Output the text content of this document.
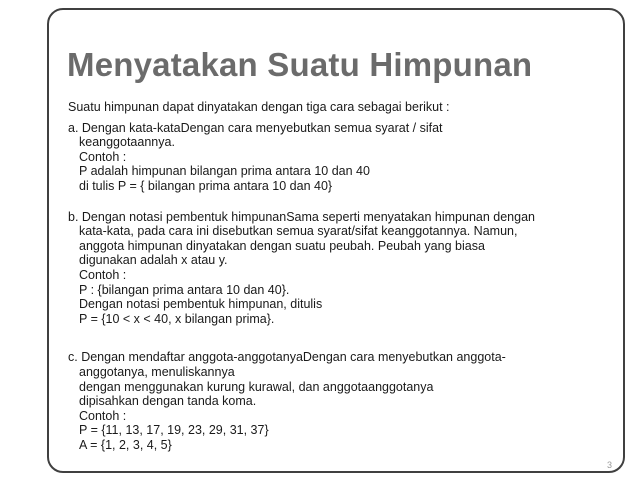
Menyatakan Suatu Himpunan

Suatu himpunan dapat dinyatakan dengan tiga cara sebagai berikut :

a. Dengan kata-kataDengan cara menyebutkan semua syarat / sifat

keanggotaannya.

Contoh :

P adalah himpunan bilangan prima antara 10 dan 40

di tulis P = { bilangan prima antara 10 dan 40}

b. Dengan notasi pembentuk himpunanSama seperti menyatakan himpunan dengan

kata-kata, pada cara ini disebutkan semua syarat/sifat keanggotannya. Namun,

anggota himpunan dinyatakan dengan suatu peubah. Peubah yang biasa

digunakan adalah x atau y.

Contoh :

P : {bilangan prima antara 10 dan 40}.

Dengan notasi pembentuk himpunan, ditulis

P = {10 < x < 40, x bilangan prima}.

c. Dengan mendaftar anggota-anggotanyaDengan cara menyebutkan anggota-

anggotanya, menuliskannya

dengan menggunakan kurung kurawal, dan anggotaanggotanya

dipisahkan dengan tanda koma.

Contoh :

P = {11, 13, 17, 19, 23, 29, 31, 37}

A = {1, 2, 3, 4, 5}

3
